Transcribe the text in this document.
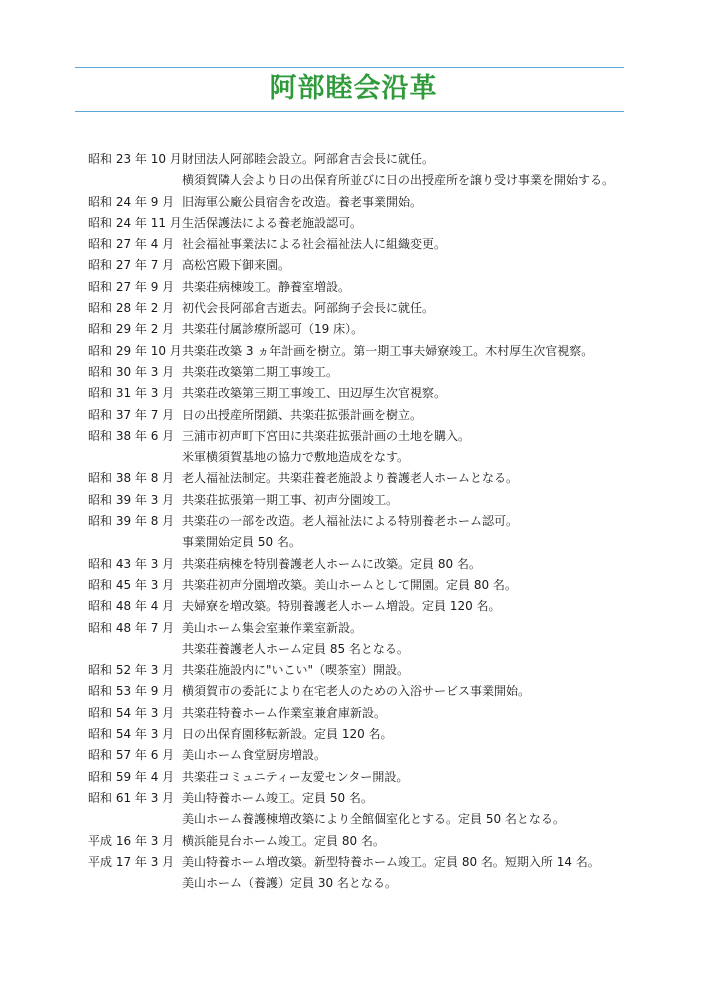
阿部睦会沿革
昭和 23 年 10 月 財団法人阿部睦会設立。阿部倉吉会長に就任。
横須賀隣人会より日の出保育所並びに日の出授産所を譲り受け事業を開始する。
昭和 24 年 9 月 旧海軍公廠公員宿舎を改造。養老事業開始。
昭和 24 年 11 月 生活保護法による養老施設認可。
昭和 27 年 4 月 社会福祉事業法による社会福祉法人に組織変更。
昭和 27 年 7 月 高松宮殿下御来園。
昭和 27 年 9 月 共楽荘病棟竣工。静養室増設。
昭和 28 年 2 月 初代会長阿部倉吉逝去。阿部絢子会長に就任。
昭和 29 年 2 月 共楽荘付属診療所認可（19 床）。
昭和 29 年 10 月 共楽荘改築 3 ヵ年計画を樹立。第一期工事夫婦寮竣工。木村厚生次官視察。
昭和 30 年 3 月 共楽荘改築第二期工事竣工。
昭和 31 年 3 月 共楽荘改築第三期工事竣工、田辺厚生次官視察。
昭和 37 年 7 月 日の出授産所閉鎖、共楽荘拡張計画を樹立。
昭和 38 年 6 月 三浦市初声町下宮田に共楽荘拡張計画の土地を購入。
米軍横須賀基地の協力で敷地造成をなす。
昭和 38 年 8 月 老人福祉法制定。共楽荘養老施設より養護老人ホームとなる。
昭和 39 年 3 月 共楽荘拡張第一期工事、初声分園竣工。
昭和 39 年 8 月 共楽荘の一部を改造。老人福祉法による特別養老ホーム認可。
事業開始定員 50 名。
昭和 43 年 3 月 共楽荘病棟を特別養護老人ホームに改築。定員 80 名。
昭和 45 年 3 月 共楽荘初声分園増改築。美山ホームとして開園。定員 80 名。
昭和 48 年 4 月 夫婦寮を増改築。特別養護老人ホーム増設。定員 120 名。
昭和 48 年 7 月 美山ホーム集会室兼作業室新設。
共楽荘養護老人ホーム定員 85 名となる。
昭和 52 年 3 月 共楽荘施設内に"いこい"（喫茶室）開設。
昭和 53 年 9 月 横須賀市の委託により在宅老人のための入浴サービス事業開始。
昭和 54 年 3 月 共楽荘特養ホーム作業室兼倉庫新設。
昭和 54 年 3 月 日の出保育園移転新設。定員 120 名。
昭和 57 年 6 月 美山ホーム食堂厨房増設。
昭和 59 年 4 月 共楽荘コミュニティー友愛センター開設。
昭和 61 年 3 月 美山特養ホーム竣工。定員 50 名。
美山ホーム養護棟増改築により全館個室化とする。定員 50 名となる。
平成 16 年 3 月 横浜能見台ホーム竣工。定員 80 名。
平成 17 年 3 月 美山特養ホーム増改築。新型特養ホーム竣工。定員 80 名。短期入所 14 名。
美山ホーム（養護）定員 30 名となる。
